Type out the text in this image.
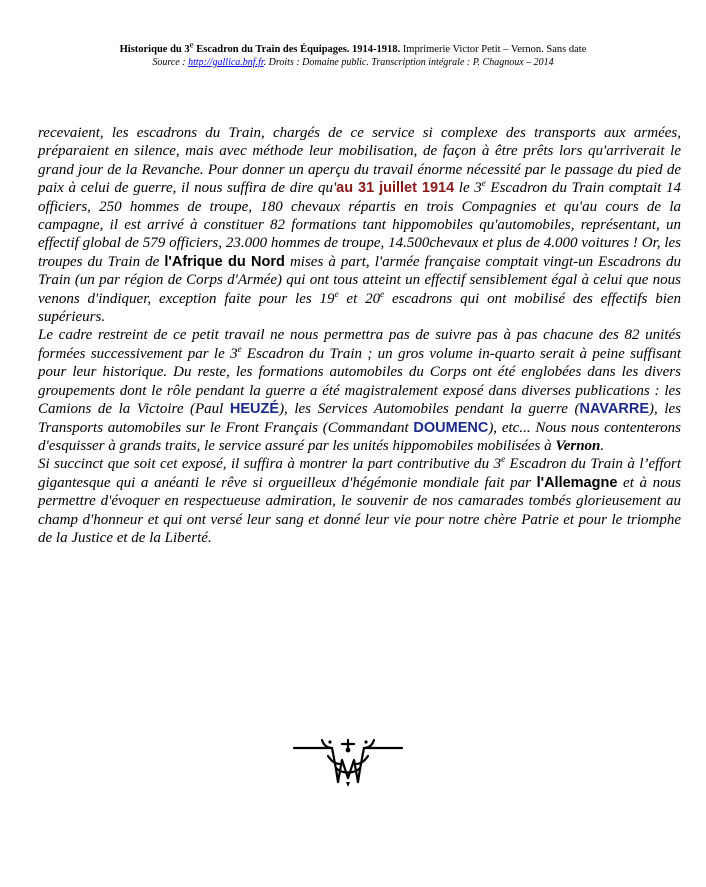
Historique du 3e Escadron du Train des Équipages. 1914-1918. Imprimerie Victor Petit – Vernon. Sans date
Source : http://gallica.bnf.fr. Droits : Domaine public. Transcription intégrale : P. Chagnoux – 2014

recevaient, les escadrons du Train, chargés de ce service si complexe des transports aux armées, préparaient en silence, mais avec méthode leur mobilisation, de façon à être prêts lors qu'arriverait le grand jour de la Revanche. Pour donner un aperçu du travail énorme nécessité par le passage du pied de paix à celui de guerre, il nous suffira de dire qu'au 31 juillet 1914 le 3e Escadron du Train comptait 14 officiers, 250 hommes de troupe, 180 chevaux répartis en trois Compagnies et qu'au cours de la campagne, il est arrivé à constituer 82 formations tant hippomobiles qu'automobiles, représentant, un effectif global de 579 officiers, 23.000 hommes de troupe, 14.500chevaux et plus de 4.000 voitures ! Or, les troupes du Train de l'Afrique du Nord mises à part, l'armée française comptait vingt-un Escadrons du Train (un par région de Corps d'Armée) qui ont tous atteint un effectif sensiblement égal à celui que nous venons d'indiquer, exception faite pour les 19e et 20e escadrons qui ont mobilisé des effectifs bien supérieurs.

Le cadre restreint de ce petit travail ne nous permettra pas de suivre pas à pas chacune des 82 unités formées successivement par le 3e Escadron du Train ; un gros volume in-quarto serait à peine suffisant pour leur historique. Du reste, les formations automobiles du Corps ont été englobées dans les divers groupements dont le rôle pendant la guerre a été magistralement exposé dans diverses publications : les Camions de la Victoire (Paul HEUZÉ), les Services Automobiles pendant la guerre (NAVARRE), les Transports automobiles sur le Front Français (Commandant DOUMENC), etc... Nous nous contenterons d'esquisser à grands traits, le service assuré par les unités hippomobiles mobilisées à Vernon.

Si succinct que soit cet exposé, il suffira à montrer la part contributive du 3e Escadron du Train à l’effort gigantesque qui a anéanti le rêve si orgueilleux d'hégémonie mondiale fait par l'Allemagne et à nous permettre d'évoquer en respectueuse admiration, le souvenir de nos camarades tombés glorieusement au champ d'honneur et qui ont versé leur sang et donné leur vie pour notre chère Patrie et pour le triomphe de la Justice et de la Liberté.
